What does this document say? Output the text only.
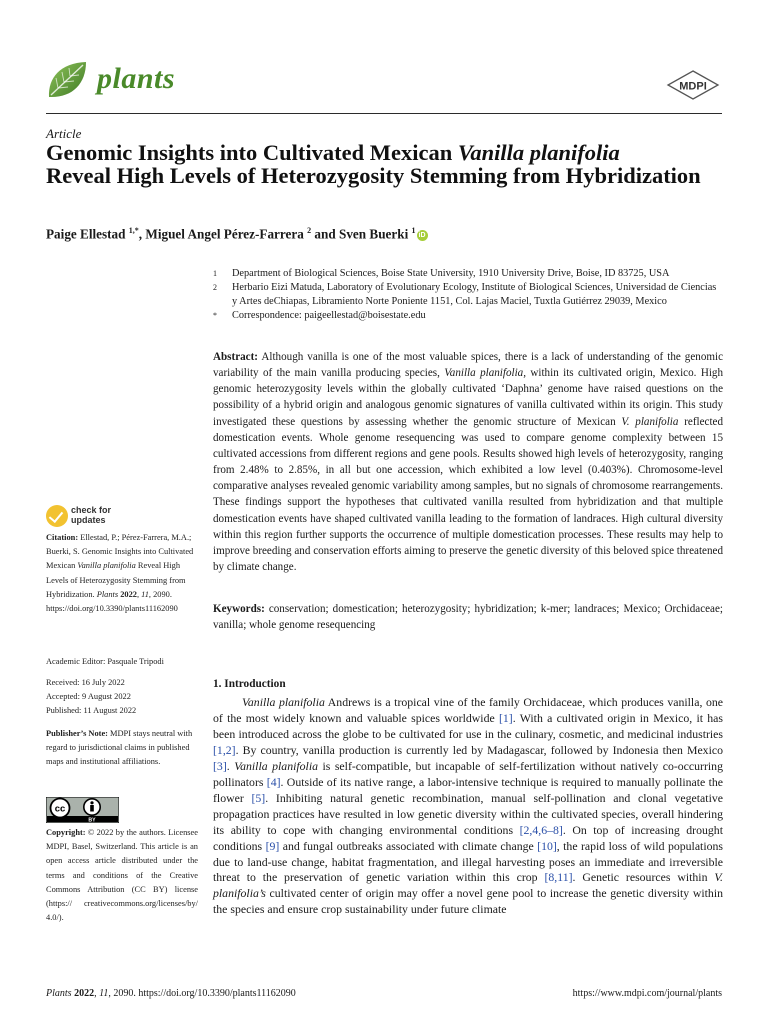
plants	MDPI
Article
Genomic Insights into Cultivated Mexican Vanilla planifolia
Reveal High Levels of Heterozygosity Stemming from Hybridization
Paige Ellestad $^{1,*}$, Miguel Angel Pérez-Farrera $^2$ and Sven Buerki $^1$iD
1	Department of Biological Sciences, Boise State University, 1910 University Drive, Boise, ID 83725, USA
2	Herbario Eizi Matuda, Laboratory of Evolutionary Ecology, Institute of Biological Sciences, Universidad de Ciencias y Artes deChiapas, Libramiento Norte Poniente 1151, Col. Lajas Maciel, Tuxtla Gutiérrez 29039, Mexico
*	Correspondence: paigeellestad@boisestate.edu
Abstract: Although vanilla is one of the most valuable spices, there is a lack of understanding of the genomic variability of the main vanilla producing species, Vanilla planifolia, within its cultivated origin, Mexico. High genomic heterozygosity levels within the globally cultivated ‘Daphna’ genome have raised questions on the possibility of a hybrid origin and analogous genomic signatures of vanilla cultivated within its origin. This study investigated these questions by assessing whether the genomic structure of Mexican V. planifolia reflected domestication events. Whole genome resequencing was used to compare genome complexity between 15 cultivated accessions from different regions and gene pools. Results showed high levels of heterozygosity, ranging from 2.48% to 2.85%, in all but one accession, which exhibited a low level (0.403%). Chromosome-level comparative analyses revealed genomic variability among samples, but no signals of chromosome rearrangements. These findings support the hypotheses that cultivated vanilla resulted from hybridization and that multiple domestication events have shaped cultivated vanilla leading to the formation of landraces. High cultural diversity within this region further supports the occurrence of multiple domestication processes. These results may help to improve breeding and conservation efforts aiming to preserve the genetic diversity of this beloved spice threatened by climate change.
Keywords: conservation; domestication; heterozygosity; hybridization; k-mer; landraces; Mexico; Orchidaceae; vanilla; whole genome resequencing
1. Introduction
Vanilla planifolia Andrews is a tropical vine of the family Orchidaceae, which produces vanilla, one of the most widely known and valuable spices worldwide [1]. With a cultivated origin in Mexico, it has been introduced across the globe to be cultivated for use in the culinary, cosmetic, and medicinal industries [1,2]. By country, vanilla production is currently led by Madagascar, followed by Indonesia then Mexico [3]. Vanilla planifolia is self-compatible, but incapable of self-fertilization without natively co-occurring pollinators [4]. Outside of its native range, a labor-intensive technique is required to manually pollinate the flower [5]. Inhibiting natural genetic recombination, manual self-pollination and clonal vegetative propagation practices have resulted in low genetic diversity within the cultivated species, overall hindering its ability to cope with changing environmental conditions [2,4,6–8]. On top of increasing drought conditions [9] and fungal outbreaks associated with climate change [10], the rapid loss of wild populations due to land-use change, habitat fragmentation, and illegal harvesting poses an immediate and irreversible threat to the preservation of genetic variation within this crop [8,11]. Genetic resources within V. planifolia’s cultivated center of origin may offer a novel gene pool to increase the genetic diversity within the species and ensure crop sustainability under future climate
check for
updates
Citation: Ellestad, P.; Pérez-Farrera, M.A.; Buerki, S. Genomic Insights into Cultivated Mexican Vanilla planifolia Reveal High Levels of Heterozygosity Stemming from Hybridization. Plants 2022, 11, 2090. https://doi.org/10.3390/plants11162090
Academic Editor: Pasquale Tripodi
Received: 16 July 2022
Accepted: 9 August 2022
Published: 11 August 2022
Publisher’s Note: MDPI stays neutral with regard to jurisdictional claims in published maps and institutional affiliations.
cc
BY
Copyright: © 2022 by the authors. Licensee MDPI, Basel, Switzerland. This article is an open access article distributed under the terms and conditions of the Creative Commons Attribution (CC BY) license (https:// creativecommons.org/licenses/by/ 4.0/).
Plants 2022, 11, 2090. https://doi.org/10.3390/plants11162090	https://www.mdpi.com/journal/plants
